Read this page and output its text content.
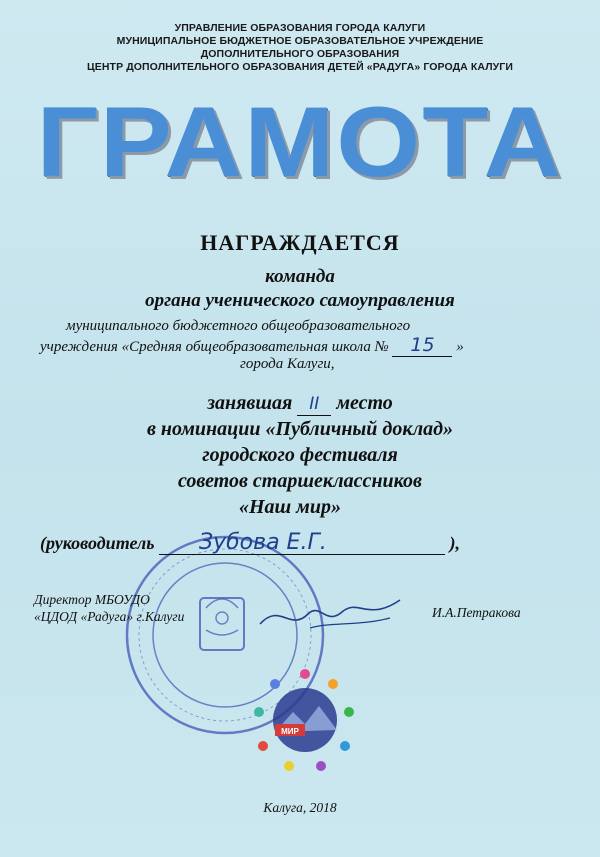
УПРАВЛЕНИЕ ОБРАЗОВАНИЯ ГОРОДА КАЛУГИ
МУНИЦИПАЛЬНОЕ БЮДЖЕТНОЕ ОБРАЗОВАТЕЛЬНОЕ УЧРЕЖДЕНИЕ
ДОПОЛНИТЕЛЬНОГО ОБРАЗОВАНИЯ
ЦЕНТР ДОПОЛНИТЕЛЬНОГО ОБРАЗОВАНИЯ ДЕТЕЙ «РАДУГА» ГОРОДА КАЛУГИ
ГРАМОТА
НАГРАЖДАЕТСЯ
команда
органа ученического самоуправления
муниципального бюджетного общеобразовательного
учреждения «Средняя общеобразовательная школа № 15 »
города Калуги,
занявшая II место
в номинации «Публичный доклад»
городского фестиваля
советов старшеклассников
«Наш мир»
МИР
(руководитель Зубова Е.Г.	),
Директор МБОУДО
«ЦДОД «Радуга» г.Калуги	И.А.Петракова
Калуга, 2018
